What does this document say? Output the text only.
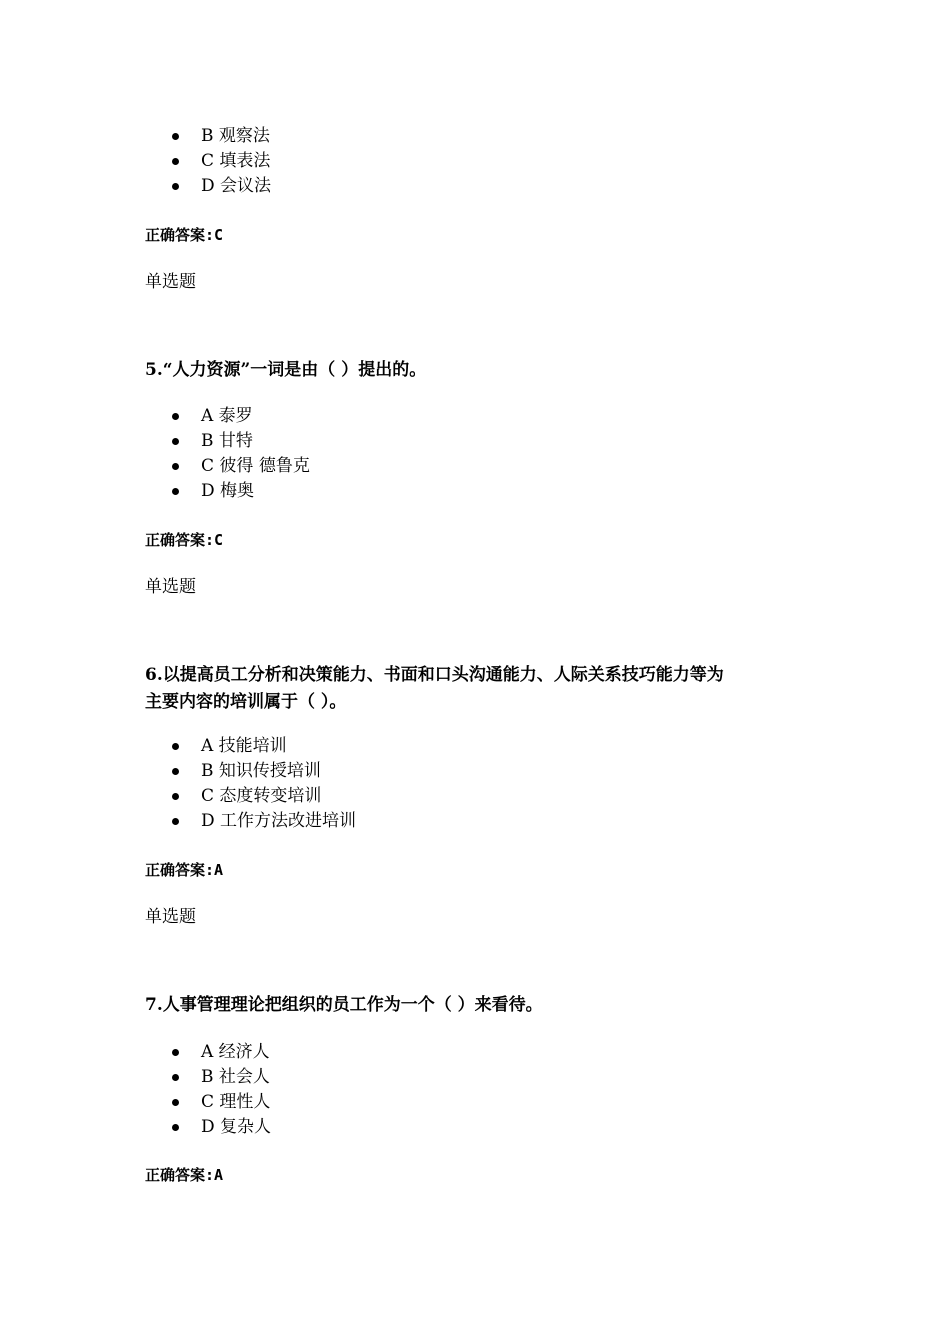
B 观察法
C 填表法
D 会议法
正确答案:C
单选题
5.“人力资源”一词是由（ ）提出的。
A 泰罗
B 甘特
C 彼得 德鲁克
D 梅奥
正确答案:C
单选题
6.以提高员工分析和决策能力、书面和口头沟通能力、人际关系技巧能力等为
主要内容的培训属于（ ）。
A 技能培训
B 知识传授培训
C 态度转变培训
D 工作方法改进培训
正确答案:A
单选题
7.人事管理理论把组织的员工作为一个（ ）来看待。
A 经济人
B 社会人
C 理性人
D 复杂人
正确答案:A
